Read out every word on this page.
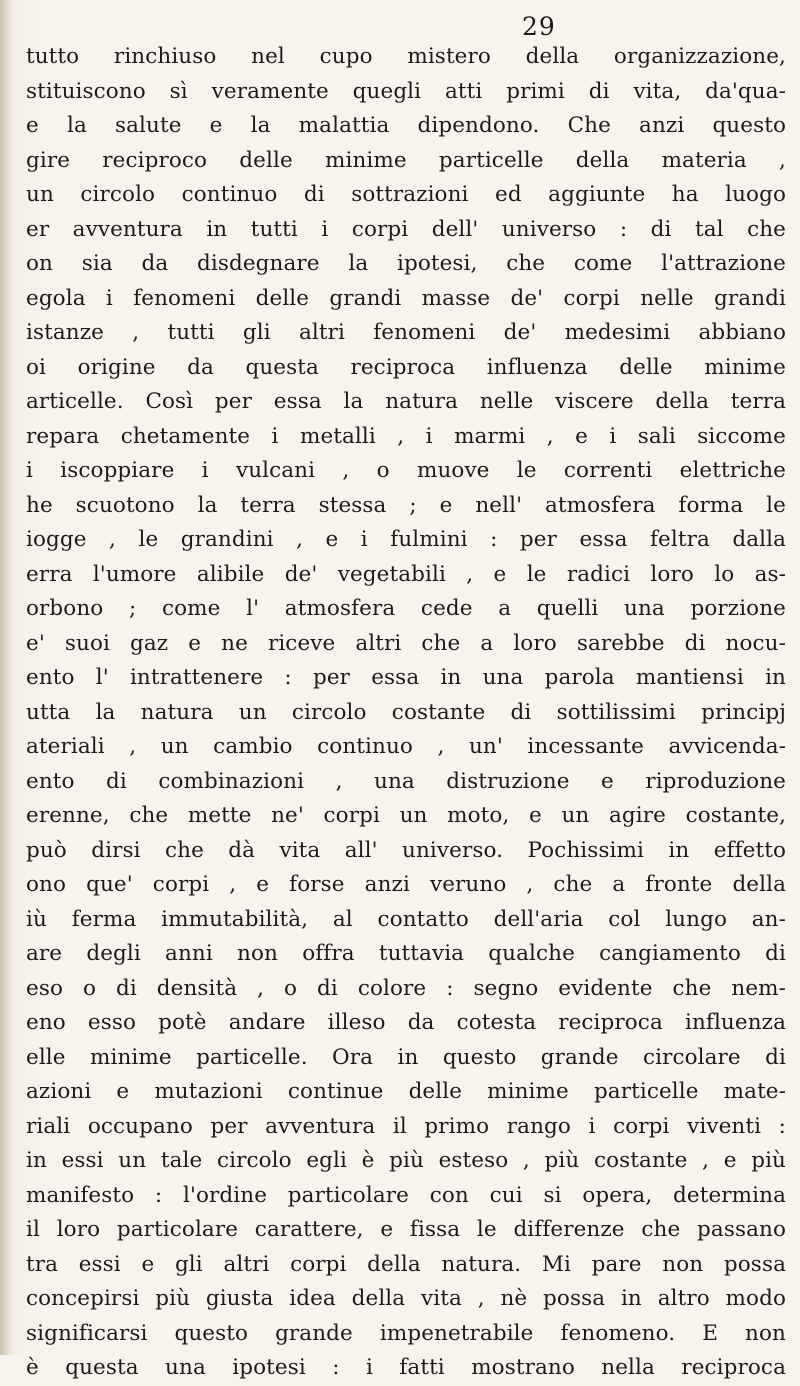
29
tutto rinchiuso nel cupo mistero della organizzazione,
stituiscono sì veramente quegli atti primi di vita, da'qua-
e la salute e la malattia dipendono. Che anzi questo
gire reciproco delle minime particelle della materia ,
un circolo continuo di sottrazioni ed aggiunte ha luogo
er avventura in tutti i corpi dell' universo : di tal che
on sia da disdegnare la ipotesi, che come l'attrazione
egola i fenomeni delle grandi masse de' corpi nelle grandi
istanze , tutti gli altri fenomeni de' medesimi abbiano
oi origine da questa reciproca influenza delle minime
articelle. Così per essa la natura nelle viscere della terra
repara chetamente i metalli , i marmi , e i sali siccome
i iscoppiare i vulcani , o muove le correnti elettriche
he scuotono la terra stessa ; e nell' atmosfera forma le
iogge , le grandini , e i fulmini : per essa feltra dalla
erra l'umore alibile de' vegetabili , e le radici loro lo as-
orbono ; come l' atmosfera cede a quelli una porzione
e' suoi gaz e ne riceve altri che a loro sarebbe di nocu-
ento l' intrattenere : per essa in una parola mantiensi in
utta la natura un circolo costante di sottilissimi principj
ateriali , un cambio continuo , un' incessante avvicenda-
ento di combinazioni , una distruzione e riproduzione
erenne, che mette ne' corpi un moto, e un agire costante,
può dirsi che dà vita all' universo. Pochissimi in effetto
ono que' corpi , e forse anzi veruno , che a fronte della
iù ferma immutabilità, al contatto dell'aria col lungo an-
are degli anni non offra tuttavia qualche cangiamento di
eso o di densità , o di colore : segno evidente che nem-
eno esso potè andare illeso da cotesta reciproca influenza
elle minime particelle. Ora in questo grande circolare di
azioni e mutazioni continue delle minime particelle mate-
riali occupano per avventura il primo rango i corpi viventi :
in essi un tale circolo egli è più esteso , più costante , e più
manifesto : l'ordine particolare con cui si opera, determina
il loro particolare carattere, e fissa le differenze che passano
tra essi e gli altri corpi della natura. Mi pare non possa
concepirsi più giusta idea della vita , nè possa in altro modo
significarsi questo grande impenetrabile fenomeno. E non
è questa una ipotesi : i fatti mostrano nella reciproca
